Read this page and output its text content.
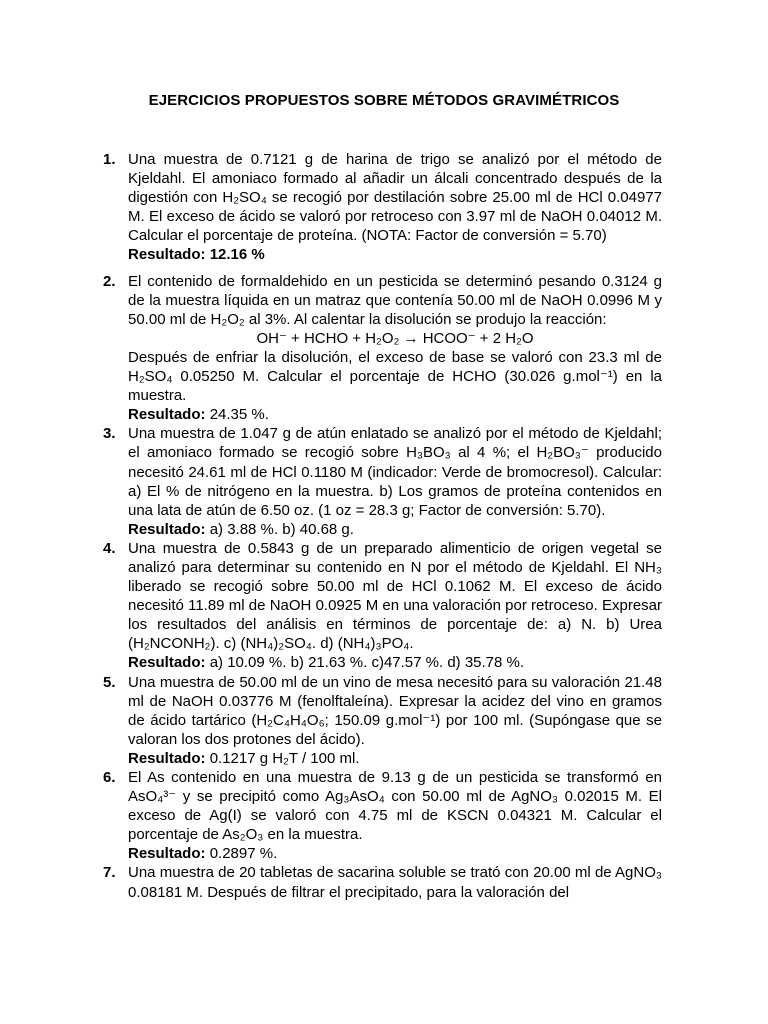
EJERCICIOS PROPUESTOS SOBRE MÉTODOS GRAVIMÉTRICOS
1. Una muestra de 0.7121 g de harina de trigo se analizó por el método de Kjeldahl. El amoniaco formado al añadir un álcali concentrado después de la digestión con H₂SO₄ se recogió por destilación sobre 25.00 ml de HCl 0.04977 M. El exceso de ácido se valoró por retroceso con 3.97 ml de NaOH 0.04012 M. Calcular el porcentaje de proteína. (NOTA: Factor de conversión = 5.70)
Resultado: 12.16 %
2. El contenido de formaldehido en un pesticida se determinó pesando 0.3124 g de la muestra líquida en un matraz que contenía 50.00 ml de NaOH 0.0996 M y 50.00 ml de H₂O₂ al 3%. Al calentar la disolución se produjo la reacción:
OH⁻ + HCHO + H₂O₂ → HCOO⁻ + 2 H₂O
Después de enfriar la disolución, el exceso de base se valoró con 23.3 ml de H₂SO₄ 0.05250 M. Calcular el porcentaje de HCHO (30.026 g.mol⁻¹) en la muestra.
Resultado: 24.35 %.
3. Una muestra de 1.047 g de atún enlatado se analizó por el método de Kjeldahl; el amoniaco formado se recogió sobre H₃BO₃ al 4 %; el H₂BO₃⁻ producido necesitó 24.61 ml de HCl 0.1180 M (indicador: Verde de bromocresol). Calcular: a) El % de nitrógeno en la muestra. b) Los gramos de proteína contenidos en una lata de atún de 6.50 oz. (1 oz = 28.3 g; Factor de conversión: 5.70).
Resultado: a) 3.88 %. b) 40.68 g.
4. Una muestra de 0.5843 g de un preparado alimenticio de origen vegetal se analizó para determinar su contenido en N por el método de Kjeldahl. El NH₃ liberado se recogió sobre 50.00 ml de HCl 0.1062 M. El exceso de ácido necesitó 11.89 ml de NaOH 0.0925 M en una valoración por retroceso. Expresar los resultados del análisis en términos de porcentaje de: a) N. b) Urea (H₂NCONH₂). c) (NH₄)₂SO₄. d) (NH₄)₃PO₄.
Resultado: a) 10.09 %. b) 21.63 %. c)47.57 %. d) 35.78 %.
5. Una muestra de 50.00 ml de un vino de mesa necesitó para su valoración 21.48 ml de NaOH 0.03776 M (fenolftaleína). Expresar la acidez del vino en gramos de ácido tartárico (H₂C₄H₄O₆; 150.09 g.mol⁻¹) por 100 ml. (Supóngase que se valoran los dos protones del ácido).
Resultado: 0.1217 g H₂T / 100 ml.
6. El As contenido en una muestra de 9.13 g de un pesticida se transformó en AsO₄³⁻ y se precipitó como Ag₃AsO₄ con 50.00 ml de AgNO₃ 0.02015 M. El exceso de Ag(I) se valoró con 4.75 ml de KSCN 0.04321 M. Calcular el porcentaje de As₂O₃ en la muestra.
Resultado: 0.2897 %.
7. Una muestra de 20 tabletas de sacarina soluble se trató con 20.00 ml de AgNO₃ 0.08181 M. Después de filtrar el precipitado, para la valoración del
